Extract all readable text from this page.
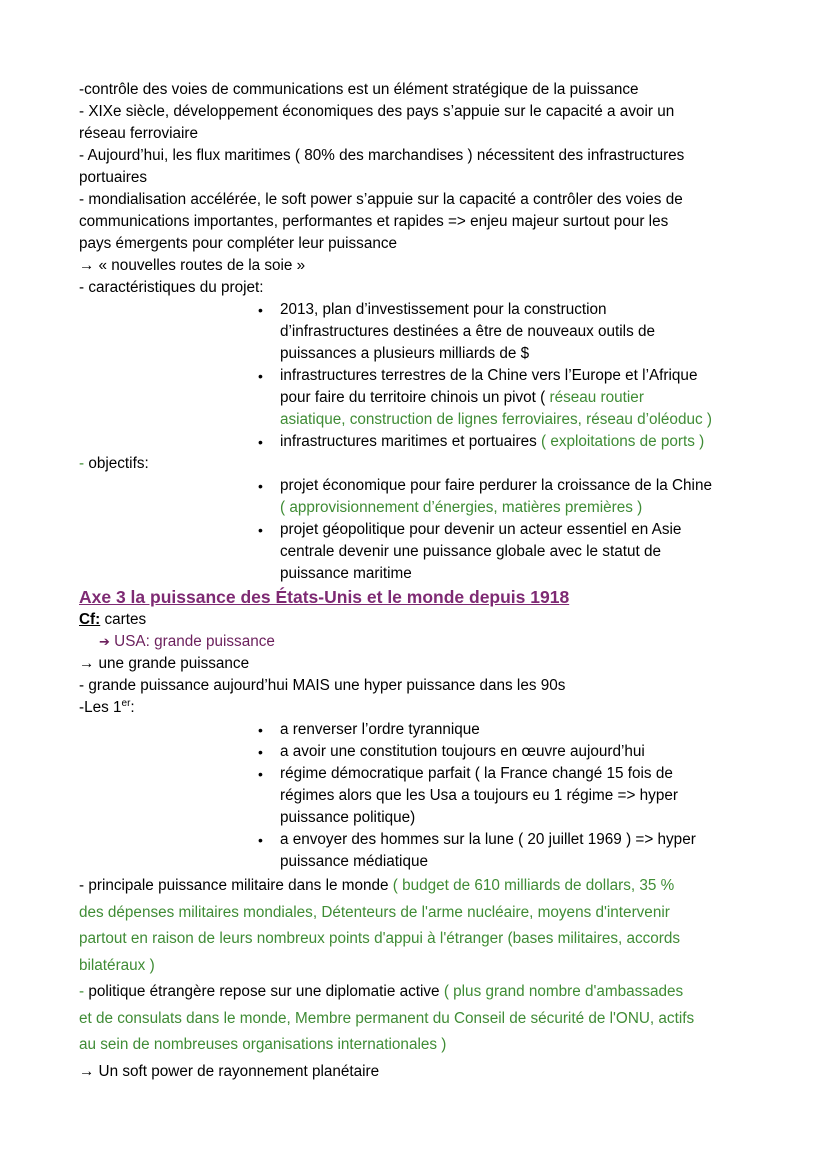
-contrôle des voies de communications est un élément stratégique de la puissance
- XIXe siècle, développement économiques des pays s’appuie sur le capacité a avoir un
réseau ferroviaire
- Aujourd’hui, les flux maritimes ( 80% des marchandises ) nécessitent des infrastructures
portuaires
- mondialisation accélérée, le soft power s’appuie sur la capacité a contrôler des voies de
communications importantes, performantes et rapides => enjeu majeur surtout pour les
pays émergents pour compléter leur puissance
→ « nouvelles routes de la soie »
- caractéristiques du projet:
• 2013, plan d’investissement pour la construction
d’infrastructures destinées a être de nouveaux outils de
puissances a plusieurs milliards de $
• infrastructures terrestres de la Chine vers l’Europe et l’Afrique
pour faire du territoire chinois un pivot ( réseau routier
asiatique, construction de lignes ferroviaires, réseau d’oléoduc )
• infrastructures maritimes et portuaires ( exploitations de ports )
- objectifs:
• projet économique pour faire perdurer la croissance de la Chine
( approvisionnement d’énergies, matières premières )
• projet géopolitique pour devenir un acteur essentiel en Asie
centrale devenir une puissance globale avec le statut de
puissance maritime
Axe 3 la puissance des États-Unis et le monde depuis 1918
Cf: cartes
➔ USA: grande puissance
→ une grande puissance
- grande puissance aujourd’hui MAIS une hyper puissance dans les 90s
-Les 1er:
• a renverser l’ordre tyrannique
• a avoir une constitution toujours en œuvre aujourd’hui
• régime démocratique parfait ( la France changé 15 fois de
régimes alors que les Usa a toujours eu 1 régime => hyper
puissance politique)
• a envoyer des hommes sur la lune ( 20 juillet 1969 ) => hyper
puissance médiatique
- principale puissance militaire dans le monde ( budget de 610 milliards de dollars, 35 %
des dépenses militaires mondiales, Détenteurs de l'arme nucléaire, moyens d'intervenir
partout en raison de leurs nombreux points d'appui à l'étranger (bases militaires, accords
bilatéraux )
- politique étrangère repose sur une diplomatie active ( plus grand nombre d'ambassades
et de consulats dans le monde, Membre permanent du Conseil de sécurité de l'ONU, actifs
au sein de nombreuses organisations internationales )
→ Un soft power de rayonnement planétaire
